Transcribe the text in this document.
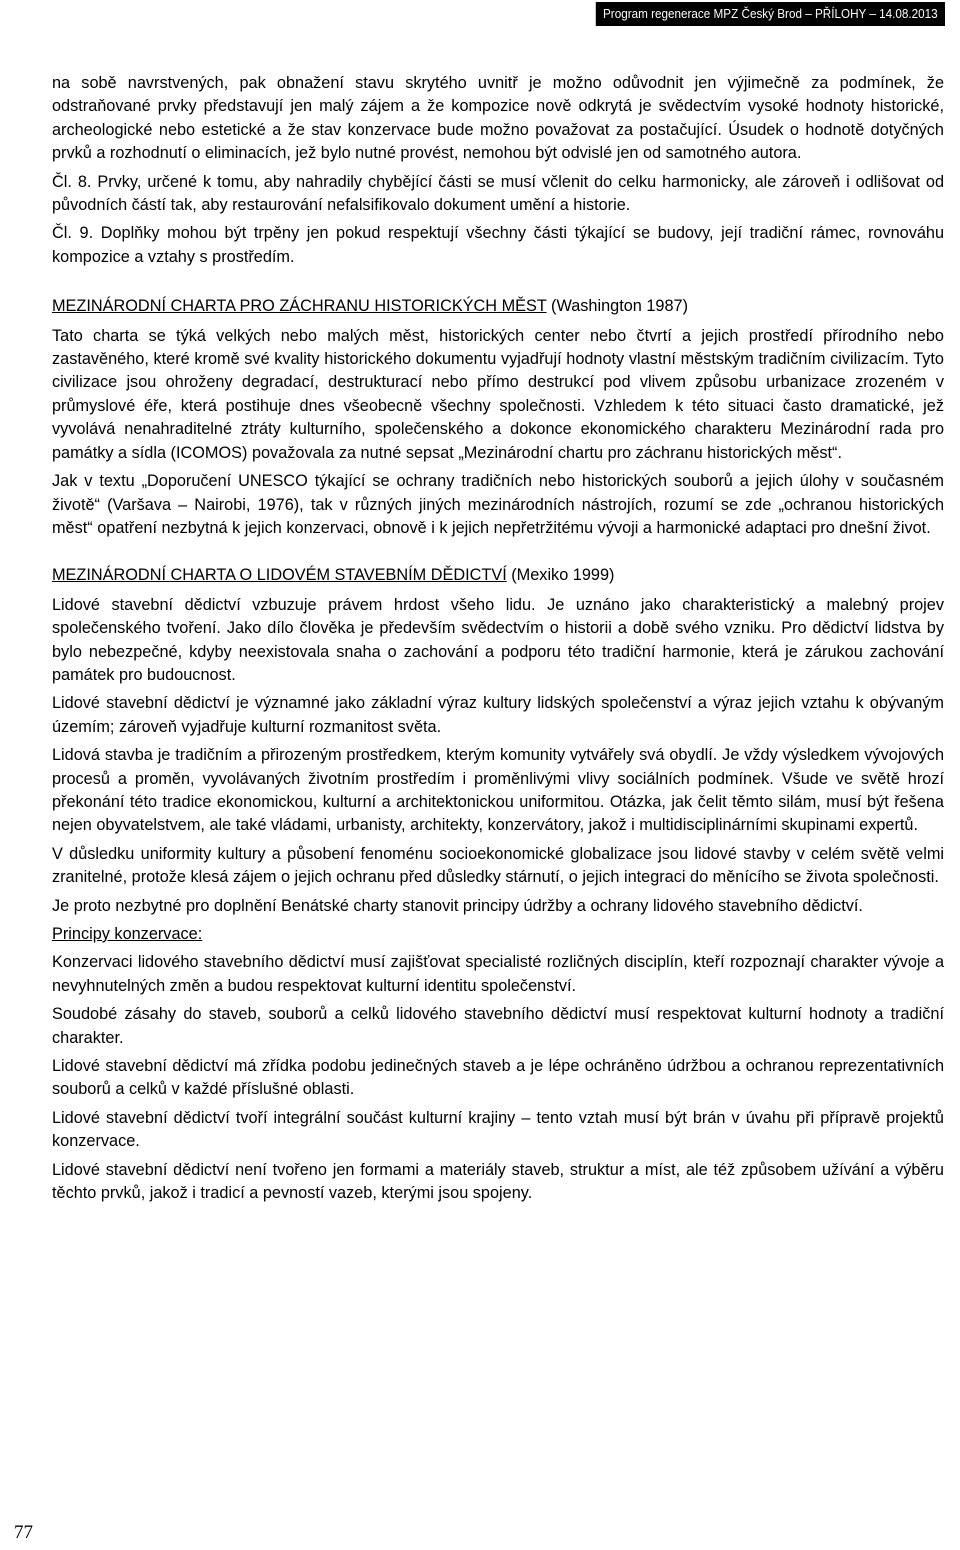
Program regenerace MPZ Český Brod – PŘÍLOHY – 14.08.2013

na sobě navrstvených, pak obnažení stavu skrytého uvnitř je možno odůvodnit jen výjimečně za podmínek, že odstraňované prvky představují jen malý zájem a že kompozice nově odkrytá je svědectvím vysoké hodnoty historické, archeologické nebo estetické a že stav konzervace bude možno považovat za postačující. Úsudek o hodnotě dotyčných prvků a rozhodnutí o eliminacích, jež bylo nutné provést, nemohou být odvislé jen od samotného autora.

Čl. 8. Prvky, určené k tomu, aby nahradily chybějící části se musí včlenit do celku harmonicky, ale zároveň i odlišovat od původních částí tak, aby restaurování nefalsifikovalo dokument umění a historie.

Čl. 9. Doplňky mohou být trpěny jen pokud respektují všechny části týkající se budovy, její tradiční rámec, rovnováhu kompozice a vztahy s prostředím.

MEZINÁRODNÍ CHARTA PRO ZÁCHRANU HISTORICKÝCH MĚST (Washington 1987)

Tato charta se týká velkých nebo malých měst, historických center nebo čtvrtí a jejich prostředí přírodního nebo zastavěného, které kromě své kvality historického dokumentu vyjadřují hodnoty vlastní městským tradičním civilizacím. Tyto civilizace jsou ohroženy degradací, destrukturací nebo přímo destrukcí pod vlivem způsobu urbanizace zrozeném v průmyslové éře, která postihuje dnes všeobecně všechny společnosti. Vzhledem k této situaci často dramatické, jež vyvolává nenahraditelné ztráty kulturního, společenského a dokonce ekonomického charakteru Mezinárodní rada pro památky a sídla (ICOMOS) považovala za nutné sepsat „Mezinárodní chartu pro záchranu historických měst“.

Jak v textu „Doporučení UNESCO týkající se ochrany tradičních nebo historických souborů a jejich úlohy v současném životě“ (Varšava – Nairobi, 1976), tak v různých jiných mezinárodních nástrojích, rozumí se zde „ochranou historických měst“ opatření nezbytná k jejich konzervaci, obnově i k jejich nepřetržitému vývoji a harmonické adaptaci pro dnešní život.

MEZINÁRODNÍ CHARTA O LIDOVÉM STAVEBNÍM DĚDICTVÍ (Mexiko 1999)

Lidové stavební dědictví vzbuzuje právem hrdost všeho lidu. Je uznáno jako charakteristický a malebný projev společenského tvoření. Jako dílo člověka je především svědectvím o historii a době svého vzniku. Pro dědictví lidstva by bylo nebezpečné, kdyby neexistovala snaha o zachování a podporu této tradiční harmonie, která je zárukou zachování památek pro budoucnost.

Lidové stavební dědictví je významné jako základní výraz kultury lidských společenství a výraz jejich vztahu k obývaným územím; zároveň vyjadřuje kulturní rozmanitost světa.

Lidová stavba je tradičním a přirozeným prostředkem, kterým komunity vytvářely svá obydlí. Je vždy výsledkem vývojových procesů a proměn, vyvolávaných životním prostředím i proměnlivými vlivy sociálních podmínek. Všude ve světě hrozí překonání této tradice ekonomickou, kulturní a architektonickou uniformitou. Otázka, jak čelit těmto silám, musí být řešena nejen obyvatelstvem, ale také vládami, urbanisty, architekty, konzervátory, jakož i multidisciplinárními skupinami expertů.

V důsledku uniformity kultury a působení fenoménu socioekonomické globalizace jsou lidové stavby v celém světě velmi zranitelné, protože klesá zájem o jejich ochranu před důsledky stárnutí, o jejich integraci do měnícího se života společnosti.

Je proto nezbytné pro doplnění Benátské charty stanovit principy údržby a ochrany lidového stavebního dědictví.

Principy konzervace:

Konzervaci lidového stavebního dědictví musí zajišťovat specialisté rozličných disciplín, kteří rozpoznají charakter vývoje a nevyhnutelných změn a budou respektovat kulturní identitu společenství.

Soudobé zásahy do staveb, souborů a celků lidového stavebního dědictví musí respektovat kulturní hodnoty a tradiční charakter.

Lidové stavební dědictví má zřídka podobu jedinečných staveb a je lépe ochráněno údržbou a ochranou reprezentativních souborů a celků v každé příslušné oblasti.

Lidové stavební dědictví tvoří integrální součást kulturní krajiny – tento vztah musí být brán v úvahu při přípravě projektů konzervace.

Lidové stavební dědictví není tvořeno jen formami a materiály staveb, struktur a míst, ale též způsobem užívání a výběru těchto prvků, jakož i tradicí a pevností vazeb, kterými jsou spojeny.

77
